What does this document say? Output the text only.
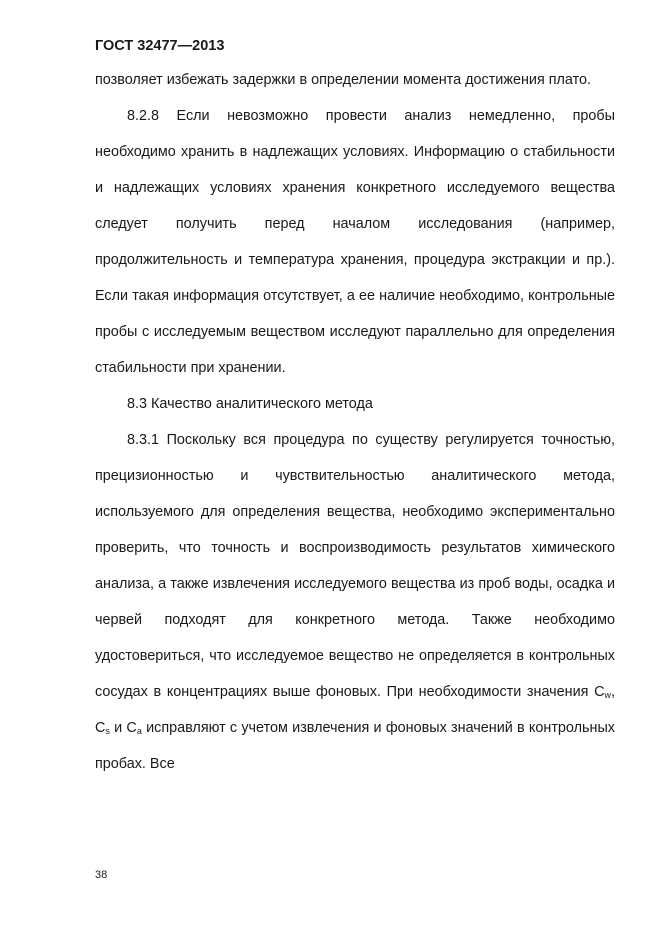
ГОСТ 32477—2013

позволяет избежать задержки в определении момента достижения плато.

8.2.8 Если невозможно провести анализ немедленно, пробы необходимо хранить в надлежащих условиях. Информацию о стабильности и надлежащих условиях хранения конкретного исследуемого вещества следует получить перед началом исследования (например, продолжительность и температура хранения, процедура экстракции и пр.). Если такая информация отсутствует, а ее наличие необходимо, контрольные пробы с исследуемым веществом исследуют параллельно для определения стабильности при хранении.

8.3 Качество аналитического метода

8.3.1 Поскольку вся процедура по существу регулируется точностью, прецизионностью и чувствительностью аналитического метода, используемого для определения вещества, необходимо экспериментально проверить, что точность и воспроизводимость результатов химического анализа, а также извлечения исследуемого вещества из проб воды, осадка и червей подходят для конкретного метода. Также необходимо удостовериться, что исследуемое вещество не определяется в контрольных сосудах в концентрациях выше фоновых. При необходимости значения $C_w$, $C_s$ и $C_a$ исправляют с учетом извлечения и фоновых значений в контрольных пробах. Все

38
